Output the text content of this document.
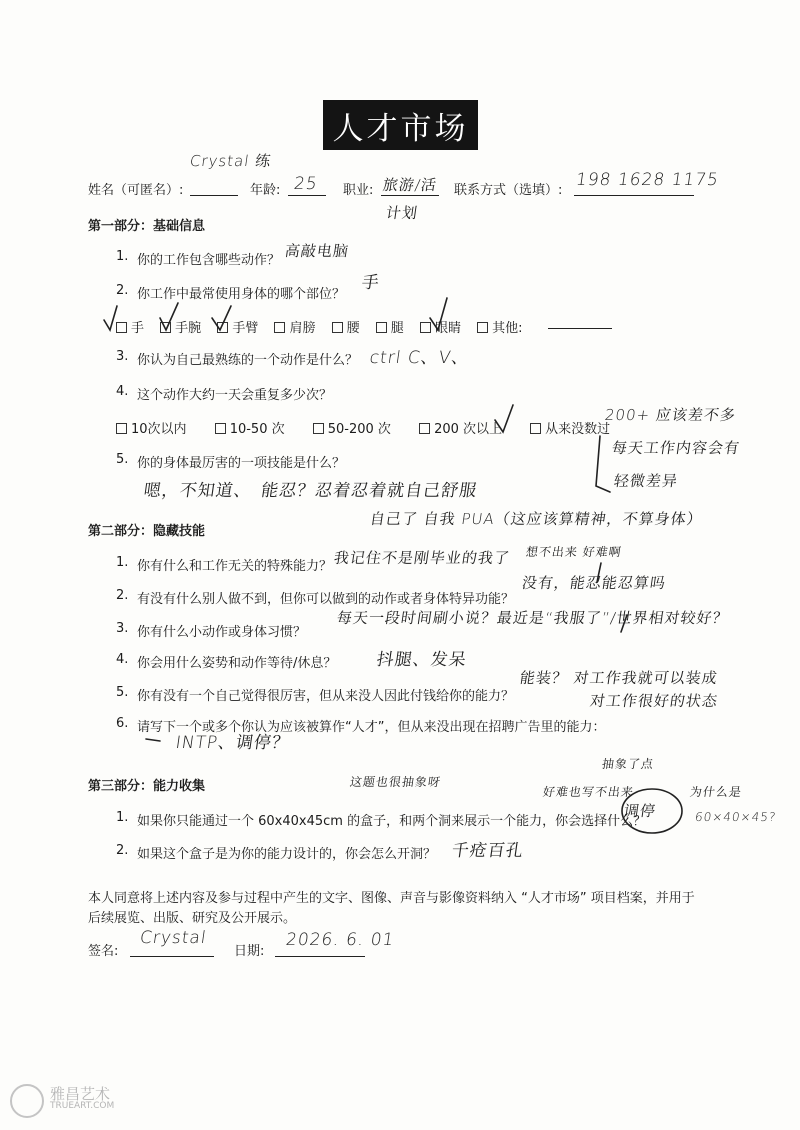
人才市场
姓名（可匿名）:
Crystal 练
年龄: 25 职业: 旅游/活
计划
联系方式（选填）:
198 1628 1175
第一部分：基础信息
1. 你的工作包含哪些动作？
高敲电脑
2. 你工作中最常使用身体的哪个部位？
手
手 手腕 手臂 肩膀 腰 腿 眼睛 其他:
3. 你认为自己最熟练的一个动作是什么？ ctrl C、V、
4. 这个动作大约一天会重复多少次？
10次以内	10-50 次	50-200 次	200 次以上	从来没数过
200+ 应该差不多
每天工作内容会有
轻微差异
5. 你的身体最厉害的一项技能是什么？
嗯，不知道、　能忍？忍着忍着就自己舒服
自己了 自我 PUA（这应该算精神，不算身体）
第二部分：隐藏技能
1. 你有什么和工作无关的特殊能力？ 我记住不是刚毕业的我了 想不出来 好难啊
2. 有没有什么别人做不到，但你可以做到的动作或者身体特异功能？
没有，能忍能忍算吗
3. 你有什么小动作或身体习惯？
每天一段时间刷小说？最近是“我服了”/世界相对较好？
4. 你会用什么姿势和动作等待/休息？ 抖腿、发呆
5. 你有没有一个自己觉得很厉害，但从来没人因此付钱给你的能力？
能装？ 对工作我就可以装成
对工作很好的状态
6. 请写下一个或多个你认为应该被算作“人才”，但从来没出现在招聘广告里的能力：
INTP、调停？
第三部分：能力收集	这题也很抽象呀
抽象了点
好难也写不出来	为什么是
60×40×45?
调停
1. 如果你只能通过一个 60x40x45cm 的盒子，和两个洞来展示一个能力，你会选择什么？
2. 如果这个盒子是为你的能力设计的，你会怎么开洞？ 千疮百孔
本人同意将上述内容及参与过程中产生的文字、图像、声音与影像资料纳入 “人才市场” 项目档案，并用于
后续展览、出版、研究及公开展示。
签名:
Crystal
日期:
2026. 6. 01
雅昌艺术
TRUEART.COM
